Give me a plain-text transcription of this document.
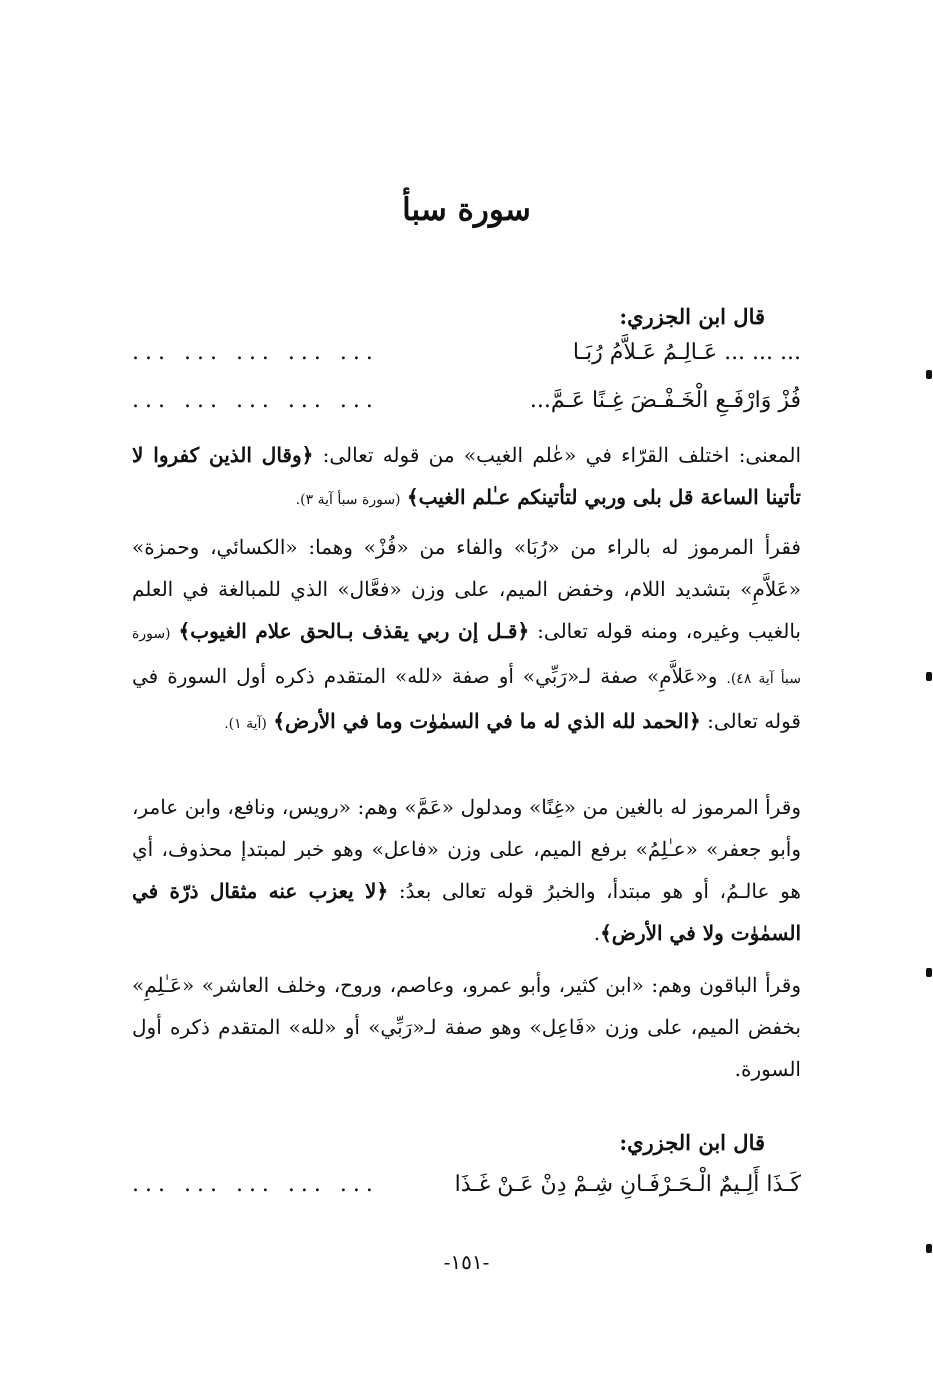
سورة سبأ
قال ابن الجزري:
... ... ... ... ...	... ... ... عَـالِـمُ عَـلاَّمُ رُبَـا
... ... ... ... ...	فُزْ وَارْفَـعِ الْخَـفْـضَ غِـنًا عَـمَّ...
المعنى: اختلف القرّاء في «عٰلم الغيب» من قوله تعالى: ﴿وقال الذين كفروا لا تأتينا الساعة قل بلى وربي لتأتينكم عـٰلم الغيب﴾ (سورة سبأ آية ٣).
فقرأ المرموز له بالراء من «رُبَا» والفاء من «فُزْ» وهما: «الكسائي، وحمزة» «عَلاَّمِ» بتشديد اللام، وخفض الميم، على وزن «فعَّال» الذي للمبالغة في العلم بالغيب وغيره، ومنه قوله تعالى: ﴿قـل إن ربي يقذف بـالحق علام الغيوب﴾ (سورة سبأ آية ٤٨). و«عَلاَّمِ» صفة لـ«رَبِّي» أو صفة «لله» المتقدم ذكره أول السورة في قوله تعالى: ﴿الحمد لله الذي له ما في السمٰوٰت وما في الأرض﴾ (آية ١).
وقرأ المرموز له بالغين من «غِنًا» ومدلول «عَمَّ» وهم: «رويس، ونافع، وابن عامر، وأبو جعفر» «عـٰلِمُ» برفع الميم، على وزن «فاعل» وهو خبر لمبتدإ محذوف، أي هو عالـمُ، أو هو مبتدأ، والخبرُ قوله تعالى بعدُ: ﴿لا يعزب عنه مثقال ذرّة في السمٰوٰت ولا في الأرض﴾.
وقرأ الباقون وهم: «ابن كثير، وأبو عمرو، وعاصم، وروح، وخلف العاشر» «عَـٰلِمِ» بخفض الميم، على وزن «فَاعِل» وهو صفة لـ«رَبِّي» أو «لله» المتقدم ذكره أول السورة.
قال ابن الجزري:
... ... ... ... ...	كَـذَا أَلِـيمٌ الْـحَـرْفَـانِ شِـمْ دِنْ عَـنْ غَـذَا
-١٥١-
